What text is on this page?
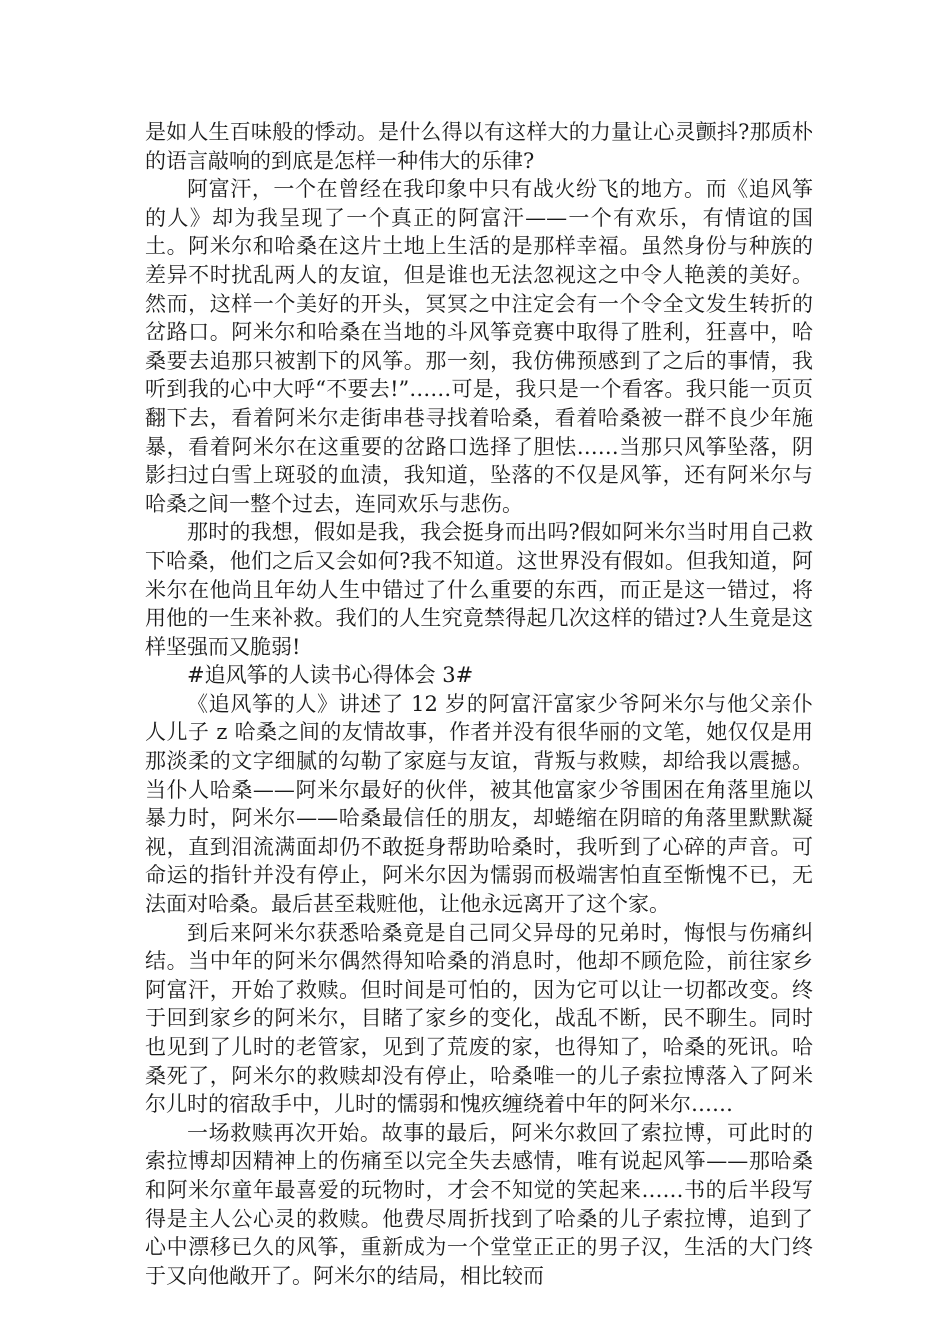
是如人生百味般的悸动。是什么得以有这样大的力量让心灵颤抖?那质朴的语言敲响的到底是怎样一种伟大的乐律?

阿富汗，一个在曾经在我印象中只有战火纷飞的地方。而《追风筝的人》却为我呈现了一个真正的阿富汗——一个有欢乐，有情谊的国土。阿米尔和哈桑在这片土地上生活的是那样幸福。虽然身份与种族的差异不时扰乱两人的友谊，但是谁也无法忽视这之中令人艳羡的美好。然而，这样一个美好的开头，冥冥之中注定会有一个令全文发生转折的岔路口。阿米尔和哈桑在当地的斗风筝竞赛中取得了胜利，狂喜中，哈桑要去追那只被割下的风筝。那一刻，我仿佛预感到了之后的事情，我听到我的心中大呼“不要去!”……可是，我只是一个看客。我只能一页页翻下去，看着阿米尔走街串巷寻找着哈桑，看着哈桑被一群不良少年施暴，看着阿米尔在这重要的岔路口选择了胆怯……当那只风筝坠落，阴影扫过白雪上斑驳的血渍，我知道，坠落的不仅是风筝，还有阿米尔与哈桑之间一整个过去，连同欢乐与悲伤。

那时的我想，假如是我，我会挺身而出吗?假如阿米尔当时用自己救下哈桑，他们之后又会如何?我不知道。这世界没有假如。但我知道，阿米尔在他尚且年幼人生中错过了什么重要的东西，而正是这一错过，将用他的一生来补救。我们的人生究竟禁得起几次这样的错过?人生竟是这样坚强而又脆弱!

#追风筝的人读书心得体会 3#

《追风筝的人》讲述了 12 岁的阿富汗富家少爷阿米尔与他父亲仆人儿子 z 哈桑之间的友情故事，作者并没有很华丽的文笔，她仅仅是用那淡柔的文字细腻的勾勒了家庭与友谊，背叛与救赎，却给我以震撼。当仆人哈桑——阿米尔最好的伙伴，被其他富家少爷围困在角落里施以暴力时，阿米尔——哈桑最信任的朋友，却蜷缩在阴暗的角落里默默凝视，直到泪流满面却仍不敢挺身帮助哈桑时，我听到了心碎的声音。可命运的指针并没有停止，阿米尔因为懦弱而极端害怕直至惭愧不已，无法面对哈桑。最后甚至栽赃他，让他永远离开了这个家。

到后来阿米尔获悉哈桑竟是自己同父异母的兄弟时，悔恨与伤痛纠结。当中年的阿米尔偶然得知哈桑的消息时，他却不顾危险，前往家乡阿富汗，开始了救赎。但时间是可怕的，因为它可以让一切都改变。终于回到家乡的阿米尔，目睹了家乡的变化，战乱不断，民不聊生。同时也见到了儿时的老管家，见到了荒废的家，也得知了，哈桑的死讯。哈桑死了，阿米尔的救赎却没有停止，哈桑唯一的儿子索拉博落入了阿米尔儿时的宿敌手中，儿时的懦弱和愧疚缠绕着中年的阿米尔……

一场救赎再次开始。故事的最后，阿米尔救回了索拉博，可此时的索拉博却因精神上的伤痛至以完全失去感情，唯有说起风筝——那哈桑和阿米尔童年最喜爱的玩物时，才会不知觉的笑起来……书的后半段写得是主人公心灵的救赎。他费尽周折找到了哈桑的儿子索拉博，追到了心中漂移已久的风筝，重新成为一个堂堂正正的男子汉，生活的大门终于又向他敞开了。阿米尔的结局，相比较而
